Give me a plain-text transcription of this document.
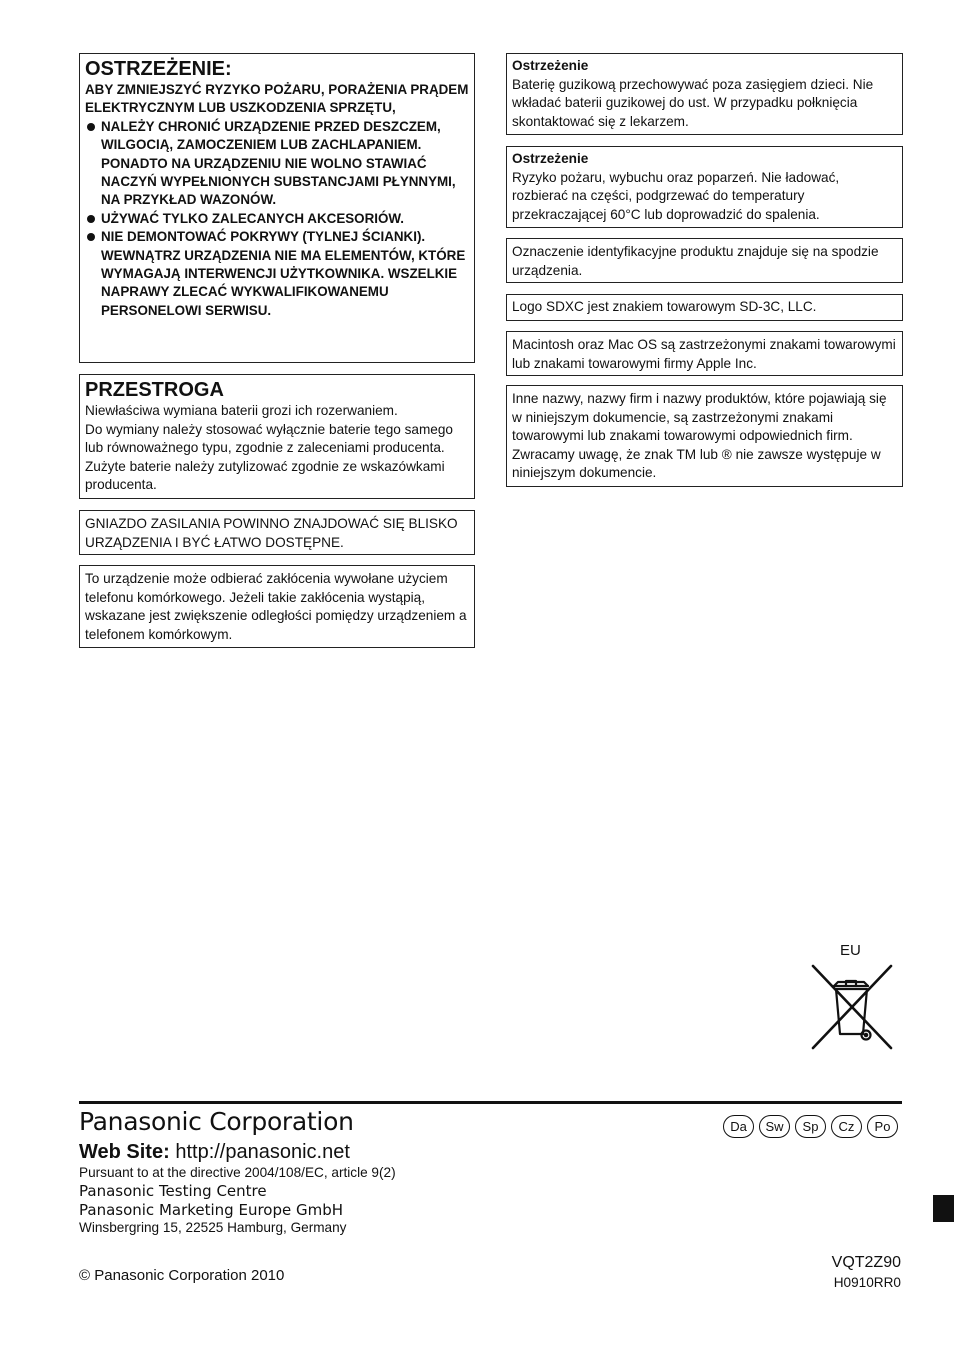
OSTRZEŻENIE:

ABY ZMNIEJSZYĆ RYZYKO POŻARU, PORAŻENIA PRĄDEM ELEKTRYCZNYM LUB USZKODZENIA SPRZĘTU,

NALEŻY CHRONIĆ URZĄDZENIE PRZED DESZCZEM, WILGOCIĄ, ZAMOCZENIEM LUB ZACHLAPANIEM. PONADTO NA URZĄDZENIU NIE WOLNO STAWIAĆ NACZYŃ WYPEŁNIONYCH SUBSTANCJAMI PŁYNNYMI, NA PRZYKŁAD WAZONÓW.
UŻYWAĆ TYLKO ZALECANYCH AKCESORIÓW.
NIE DEMONTOWAĆ POKRYWY (TYLNEJ ŚCIANKI). WEWNĄTRZ URZĄDZENIA NIE MA ELEMENTÓW, KTÓRE WYMAGAJĄ INTERWENCJI UŻYTKOWNIKA. WSZELKIE NAPRAWY ZLECAĆ WYKWALIFIKOWANEMU PERSONELOWI SERWISU.

PRZESTROGA

Niewłaściwa wymiana baterii grozi ich rozerwaniem.

Do wymiany należy stosować wyłącznie baterie tego samego lub równoważnego typu, zgodnie z zaleceniami producenta. Zużyte baterie należy zutylizować zgodnie ze wskazówkami producenta.

GNIAZDO ZASILANIA POWINNO ZNAJDOWAĆ SIĘ BLISKO URZĄDZENIA I BYĆ ŁATWO DOSTĘPNE.

To urządzenie może odbierać zakłócenia wywołane użyciem telefonu komórkowego. Jeżeli takie zakłócenia wystąpią, wskazane jest zwiększenie odległości pomiędzy urządzeniem a telefonem komórkowym.

Ostrzeżenie

Baterię guzikową przechowywać poza zasięgiem dzieci. Nie wkładać baterii guzikowej do ust. W przypadku połknięcia skontaktować się z lekarzem.

Ostrzeżenie

Ryzyko pożaru, wybuchu oraz poparzeń. Nie ładować, rozbierać na części, podgrzewać do temperatury przekraczającej 60°C lub doprowadzić do spalenia.

Oznaczenie identyfikacyjne produktu znajduje się na spodzie urządzenia.

Logo SDXC jest znakiem towarowym SD-3C, LLC.

Macintosh oraz Mac OS są zastrzeżonymi znakami towarowymi lub znakami towarowymi firmy Apple Inc.

Inne nazwy, nazwy firm i nazwy produktów, które pojawiają się w niniejszym dokumencie, są zastrzeżonymi znakami towarowymi lub znakami towarowymi odpowiednich firm. Zwracamy uwagę, że znak TM lub ® nie zawsze występuje w niniejszym dokumencie.

EU
Panasonic Corporation	Da	Sw	Sp	Cz	Po
Web Site: http://panasonic.net
Pursuant to at the directive 2004/108/EC, article 9(2)
Panasonic Testing Centre
Panasonic Marketing Europe GmbH
Winsbergring 15, 22525 Hamburg, Germany
© Panasonic Corporation 2010
VQT2Z90
H0910RR0
